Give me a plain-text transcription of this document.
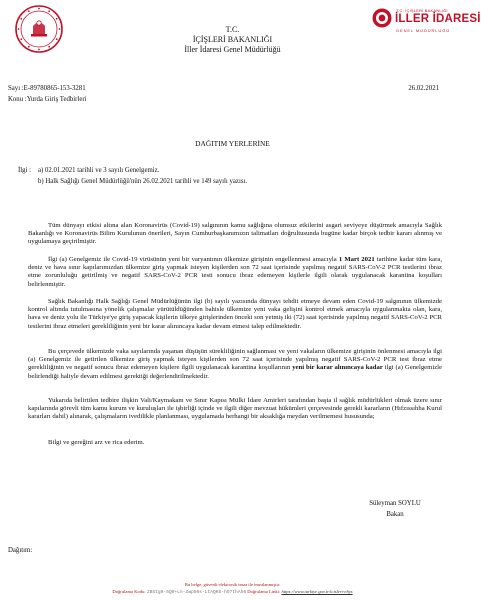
T.C. İÇİŞLERİ BAKANLIĞI
İLLER İDARESİ
GENEL MÜDÜRLÜĞÜ
T.C.
İÇİŞLERİ BAKANLIĞI
İller İdaresi Genel Müdürlüğü
Sayı :E-89780865-153-3281
Konu :Yurda Giriş Tedbirleri
26.02.2021
DAĞITIM YERLERİNE
İlgi : a) 02.01.2021 tarihli ve 3 sayılı Genelgemiz.
b) Halk Sağlığı Genel Müdürlüğü'nün 26.02.2021 tarihli ve 149 sayılı yazısı.
Tüm dünyayı etkisi altına alan Koronavirüs (Covid-19) salgınının kamu sağlığına olumsuz etkilerini asgari seviyeye düşürmek amacıyla Sağlık Bakanlığı ve Koronavirüs Bilim Kurulunun önerileri, Sayın Cumhurbaşkanımızın talimatları doğrultusunda bugüne kadar birçok tedbir kararı alınmış ve uygulamaya geçirilmiştir.
İlgi (a) Genelgemiz ile Covid-19 virüsünün yeni bir varyantının ülkemize girişinin engellenmesi amacıyla 1 Mart 2021 tarihine kadar tüm kara, deniz ve hava sınır kapılarımızdan ülkemize giriş yapmak isteyen kişilerden son 72 saat içerisinde yapılmış negatif SARS-CoV-2 PCR testlerini ibraz etme zorunluluğu getirilmiş ve negatif SARS-CoV-2 PCR testi sonucu ibraz edemeyen kişilerle ilgili olarak uygulanacak karantina koşulları belirlenmiştir.
Sağlık Bakanlığı Halk Sağlığı Genel Müdürlüğünün ilgi (b) sayılı yazısında dünyayı tehdit etmeye devam eden Covid-19 salgınının ülkemizde kontrol altında tutulmasına yönelik çalışmalar yürütüldüğünden bahisle ülkemize yeni vaka gelişini kontrol etmek amacıyla uygulanmakta olan, kara, hava ve deniz yolu ile Türkiye'ye giriş yapacak kişilerin ülkeye girişlerinden önceki son yetmiş iki (72) saat içerisinde yapılmış negatif SARS-CoV-2 PCR testlerini ibraz etmeleri gerekliliğinin yeni bir karar alınıncaya kadar devam etmesi talep edilmektedir.
Bu çerçevede ülkemizde vaka sayılarında yaşanan düşüşün sürekliliğinin sağlanması ve yeni vakaların ülkemize girişinin önlenmesi amacıyla ilgi (a) Genelgemiz ile getirilen ülkemize giriş yapmak isteyen kişilerden son 72 saat içerisinde yapılmış negatif SARS-CoV-2 PCR test ibraz etme gerekliliğinin ve negatif sonucu ibraz edemeyen kişilere ilgili uygulanacak karantina koşullarının yeni bir karar alınıncaya kadar ilgi (a) Genelgemizle belirlendiği haliyle devam edilmesi gerektiği değerlendirilmektedir.
Yukarıda belirtilen tedbire ilişkin Vali/Kaymakam ve Sınır Kapısı Mülki İdare Amirleri tarafından başta il sağlık müdürlükleri olmak üzere sınır kapılarında görevli tüm kamu kurum ve kuruluşları ile işbirliği içinde ve ilgili diğer mevzuat hükümleri çerçevesinde gerekli kararların (Hıfzıssıhha Kurul kararları dahil) alınarak, çalışmaların ivedilikle planlanması, uygulamada herhangi bir aksaklığa meydan verilmemesi hususunda;
Bilgi ve gereğini arz ve rica ederim.
Süleyman SOYLU
Bakan
Dağıtım:
Bu belge, güvenli elektronik imza ile imzalanmıştır.
Doğrulama Kodu: 2BStg9-5Q0+Ln-Zwp50s-LtAQK6-hO7thAh6 Doğrulama Linki: https://www.turkiye.gov.tr/icisleri-ebys
